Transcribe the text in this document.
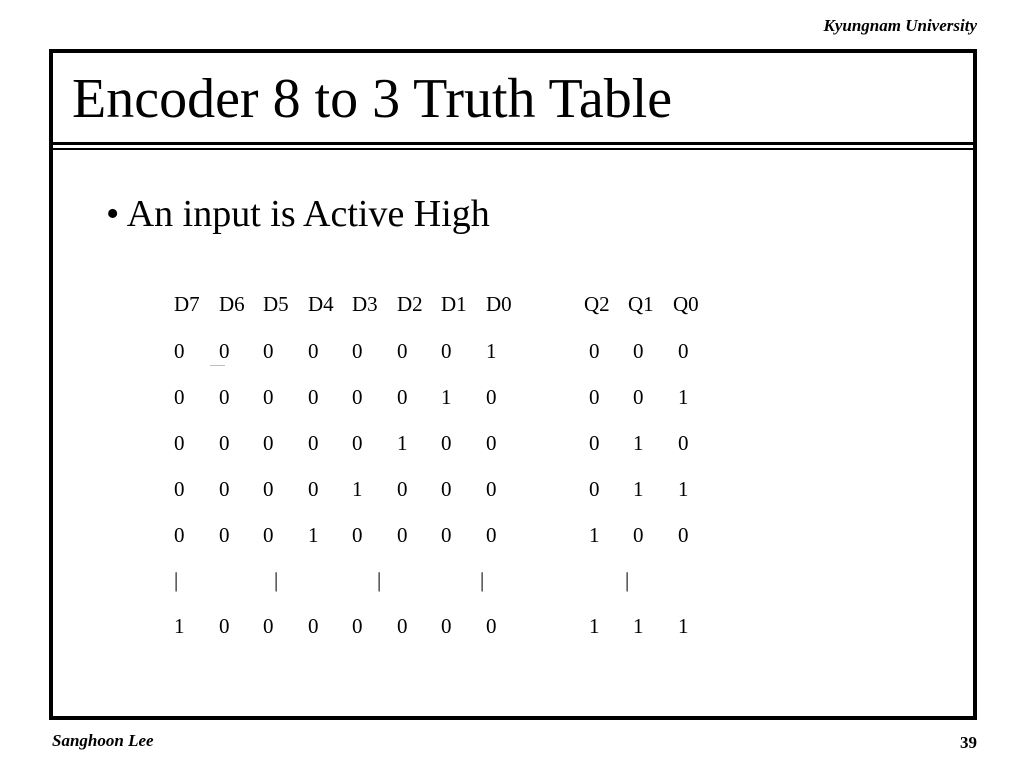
Kyungnam University
Encoder 8 to 3 Truth Table
• An input is Active High
D7 D6 D5 D4 D3 D2 D1 D0	Q2 Q1 Q0
0 0 0 0 0 0 0 1	0 0 0
0 0 0 0 0 0 1 0	0 0 1
0 0 0 0 0 1 0 0	0 1 0
0 0 0 0 1 0 0 0	0 1 1
0 0 0 1 0 0 0 0	1 0 0
|	|	|	|	|
1 0 0 0 0 0 0 0	1 1 1
Sanghoon Lee	39
